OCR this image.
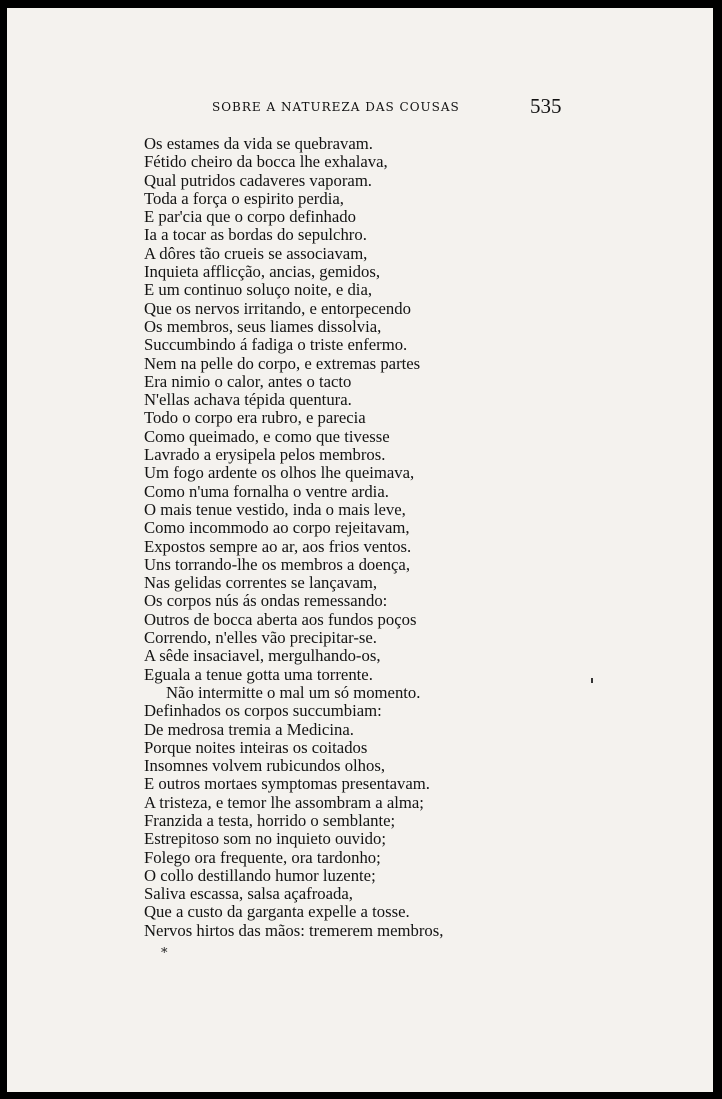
SOBRE A NATUREZA DAS COUSAS	535
Os estames da vida se quebravam.
Fétido cheiro da bocca lhe exhalava,
Qual putridos cadaveres vaporam.
Toda a força o espirito perdia,
E par'cia que o corpo definhado
Ia a tocar as bordas do sepulchro.
A dôres tão crueis se associavam,
Inquieta afflicção, ancias, gemidos,
E um continuo soluço noite, e dia,
Que os nervos irritando, e entorpecendo
Os membros, seus liames dissolvia,
Succumbindo á fadiga o triste enfermo.
Nem na pelle do corpo, e extremas partes
Era nimio o calor, antes o tacto
N'ellas achava tépida quentura.
Todo o corpo era rubro, e parecia
Como queimado, e como que tivesse
Lavrado a erysipela pelos membros.
Um fogo ardente os olhos lhe queimava,
Como n'uma fornalha o ventre ardia.
O mais tenue vestido, inda o mais leve,
Como incommodo ao corpo rejeitavam,
Expostos sempre ao ar, aos frios ventos.
Uns torrando-lhe os membros a doença,
Nas gelidas correntes se lançavam,
Os corpos nús ás ondas remessando:
Outros de bocca aberta aos fundos poços
Correndo, n'elles vão precipitar-se.
A sêde insaciavel, mergulhando-os,
Eguala a tenue gotta uma torrente.
Não intermitte o mal um só momento.
Definhados os corpos succumbiam:
De medrosa tremia a Medicina.
Porque noites inteiras os coitados
Insomnes volvem rubicundos olhos,
E outros mortaes symptomas presentavam.
A tristeza, e temor lhe assombram a alma;
Franzida a testa, horrido o semblante;
Estrepitoso som no inquieto ouvido;
Folego ora frequente, ora tardonho;
O collo destillando humor luzente;
Saliva escassa, salsa açafroada,
Que a custo da garganta expelle a tosse.
Nervos hirtos das mãos: tremerem membros,
*
